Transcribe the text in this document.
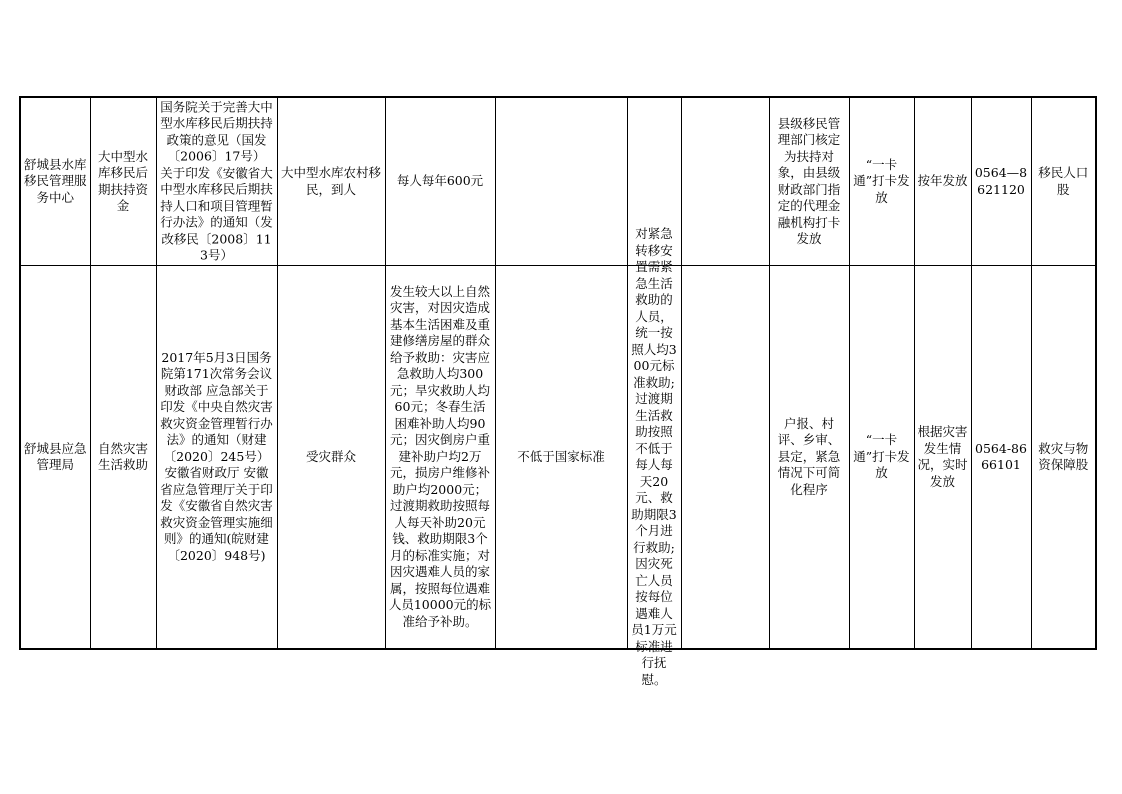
舒城县水库移民管理服务中心	大中型水库移民后期扶持资金	国务院关于完善大中型水库移民后期扶持政策的意见（国发〔2006〕17号）
关于印发《安徽省大中型水库移民后期扶持人口和项目管理暂行办法》的通知（发改移民〔2008〕113号）	大中型水库农村移民，到人	每人每年600元				县级移民管理部门核定为扶持对象，由县级财政部门指定的代理金融机构打卡发放	“一卡通”打卡发放	按年发放	0564—8621120	移民人口股
舒城县应急管理局	自然灾害生活救助	2017年5月3日国务院第171次常务会议财政部 应急部关于印发《中央自然灾害救灾资金管理暂行办法》的通知（财建〔2020〕245号）
安徽省财政厅 安徽省应急管理厅关于印发《安徽省自然灾害救灾资金管理实施细则》的通知(皖财建〔2020〕948号)	受灾群众	发生较大以上自然灾害，对因灾造成基本生活困难及重建修缮房屋的群众给予救助：灾害应急救助人均300元；旱灾救助人均60元；冬春生活困难补助人均90元；因灾倒房户重建补助户均2万元，损房户维修补助户均2000元；过渡期救助按照每人每天补助20元钱、救助期限3个月的标准实施；对因灾遇难人员的家属，按照每位遇难人员10000元的标准给予补助。	不低于国家标准	对紧急转移安置需紧急生活救助的人员，统一按照人均300元标准救助;过渡期生活救助按照不低于每人每天20元、救助期限3个月进行救助;因灾死亡人员按每位遇难人员1万元标准进行抚慰。		户报、村评、乡审、县定，紧急情况下可简化程序	“一卡通”打卡发放	根据灾害发生情况，实时发放	0564-8666101	救灾与物资保障股
